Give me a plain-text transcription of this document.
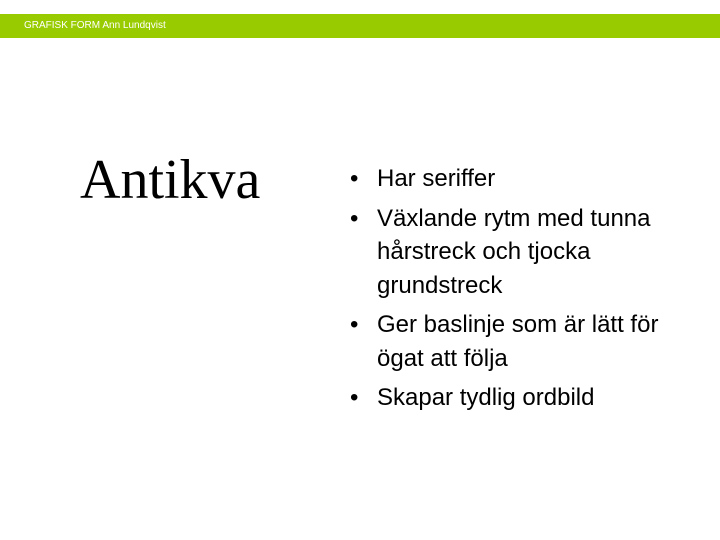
GRAFISK FORM Ann Lundqvist
Antikva	• Har seriffer
• Växlande rytm med tunna hårstreck och tjocka grundstreck
• Ger baslinje som är lätt för ögat att följa
• Skapar tydlig ordbild
